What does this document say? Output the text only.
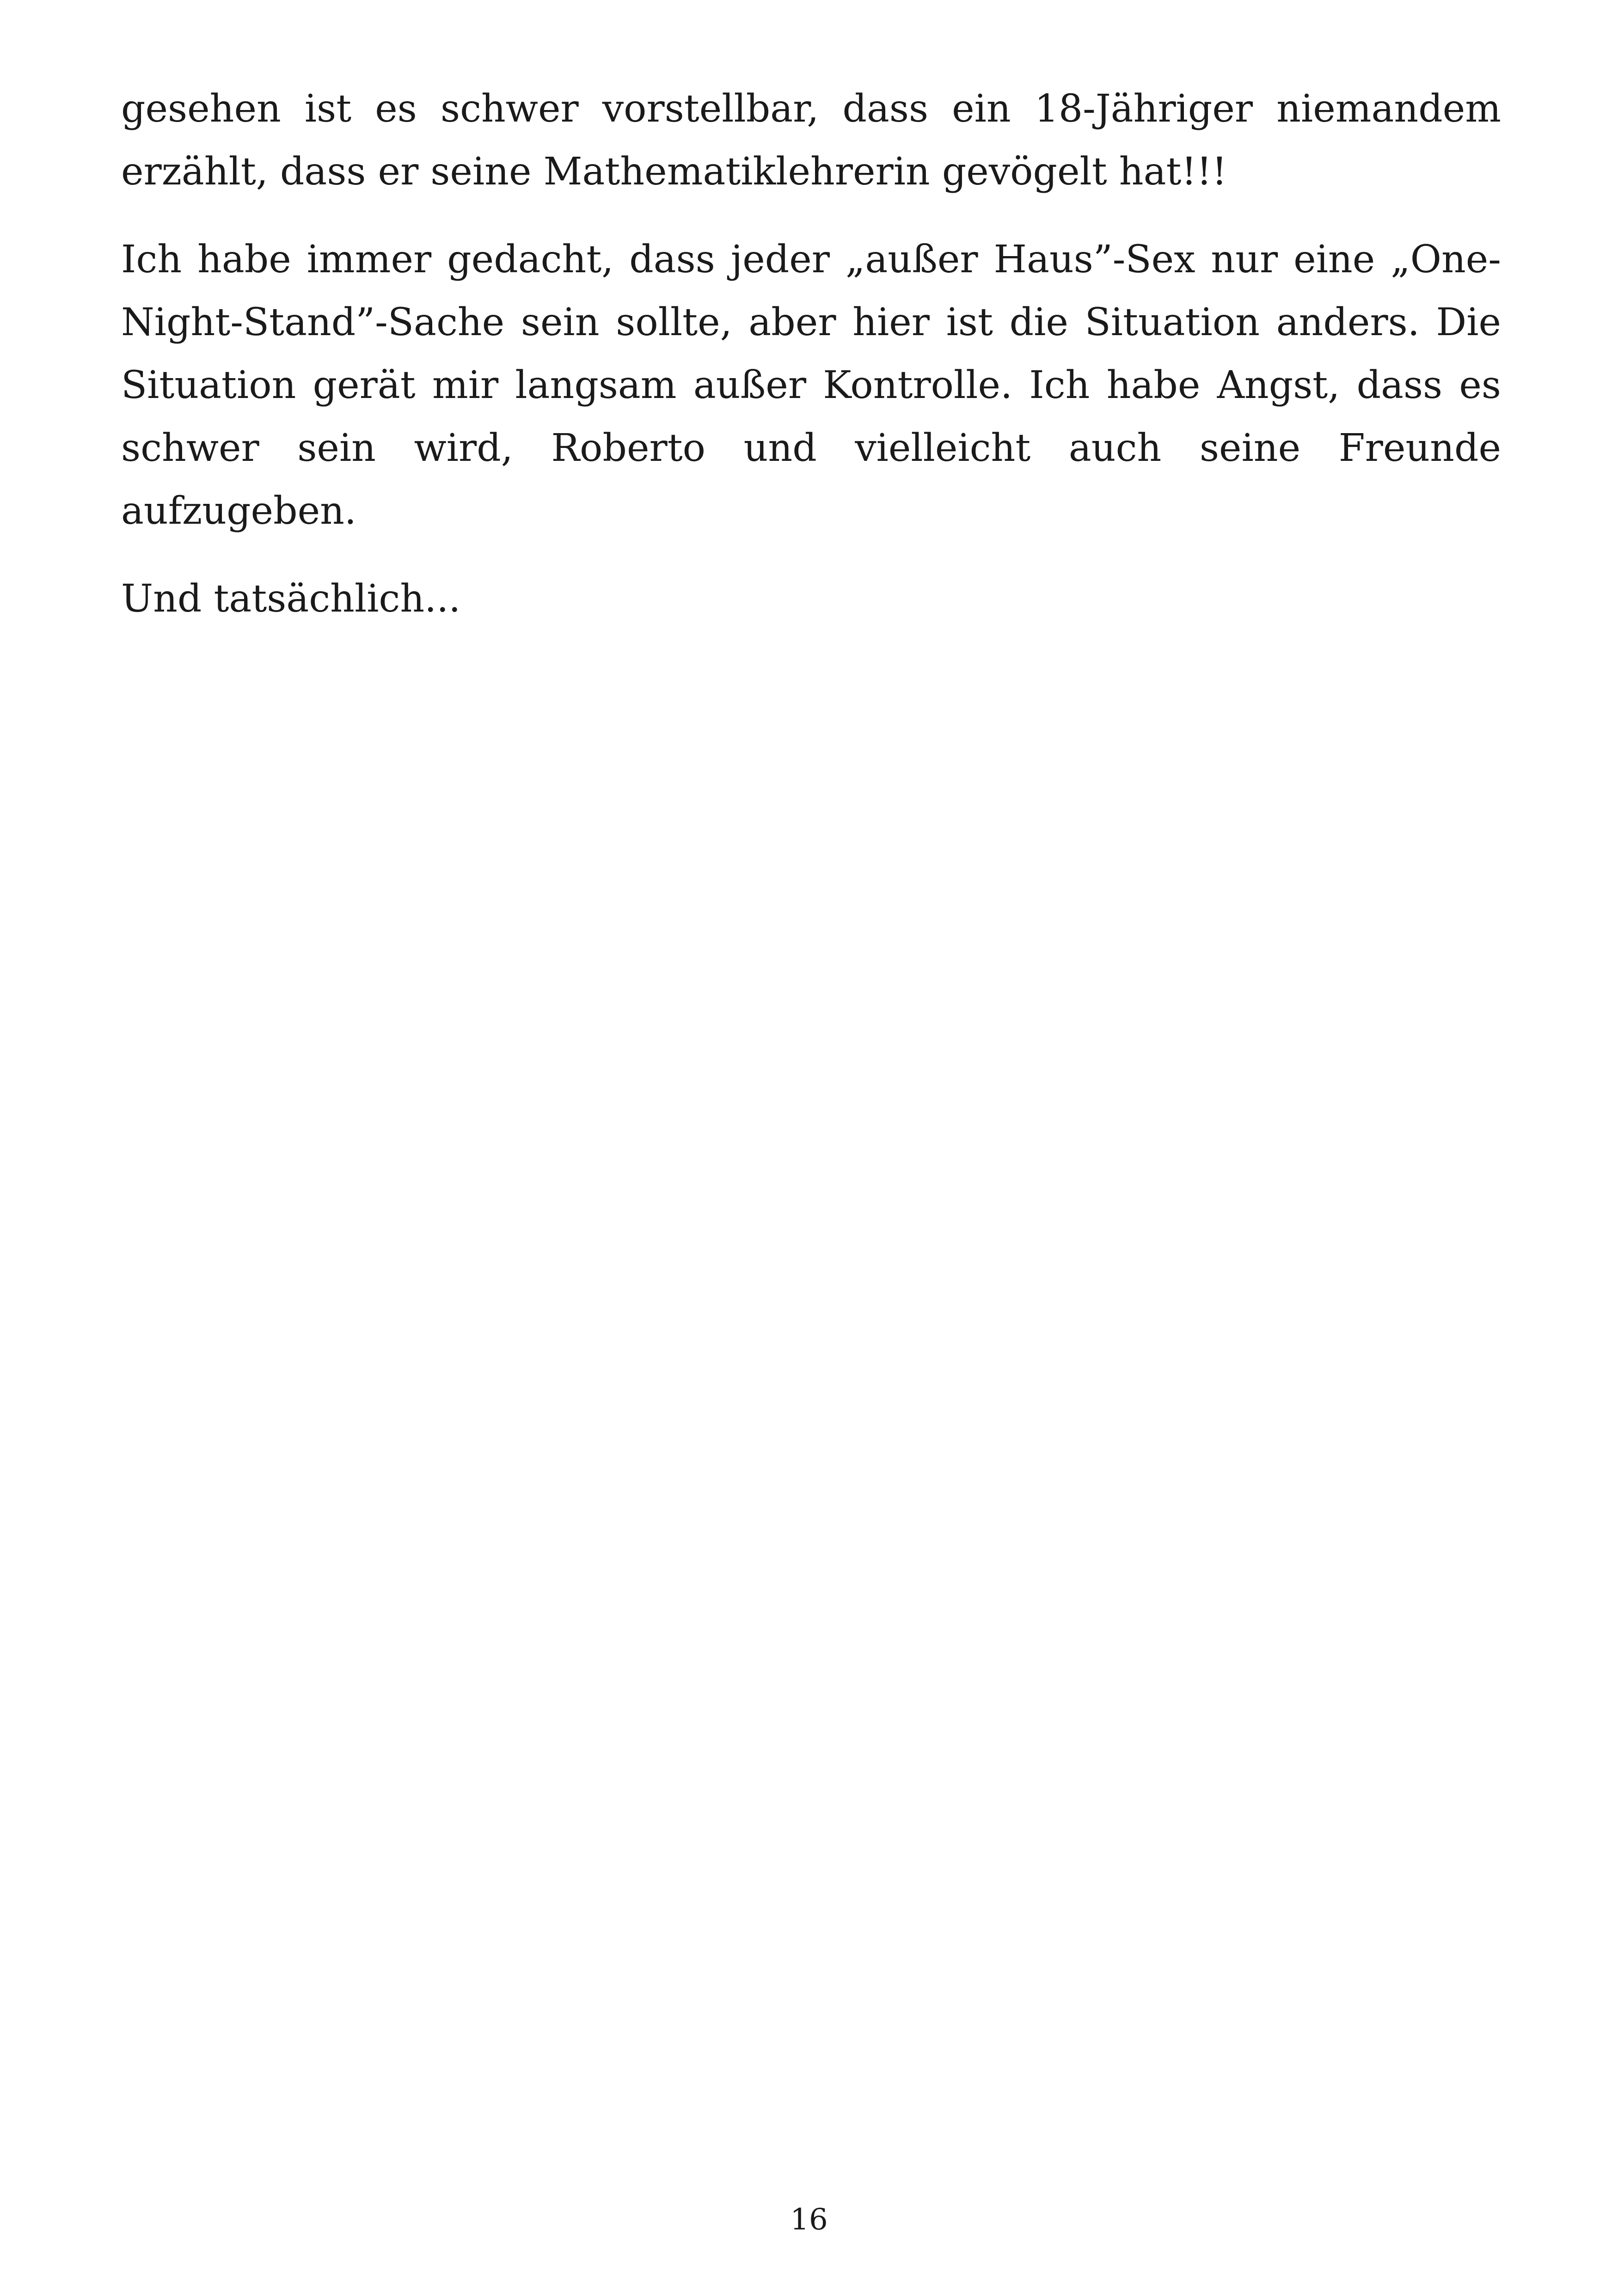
gesehen ist es schwer vorstellbar, dass ein 18-Jähriger niemandem
erzählt, dass er seine Mathematiklehrerin gevögelt hat!!!

Ich habe immer gedacht, dass jeder „außer Haus”-Sex nur eine „One-
Night-Stand”-Sache sein sollte, aber hier ist die Situation anders. Die
Situation gerät mir langsam außer Kontrolle. Ich habe Angst, dass es
schwer sein wird, Roberto und vielleicht auch seine Freunde
aufzugeben.

Und tatsächlich...

16
